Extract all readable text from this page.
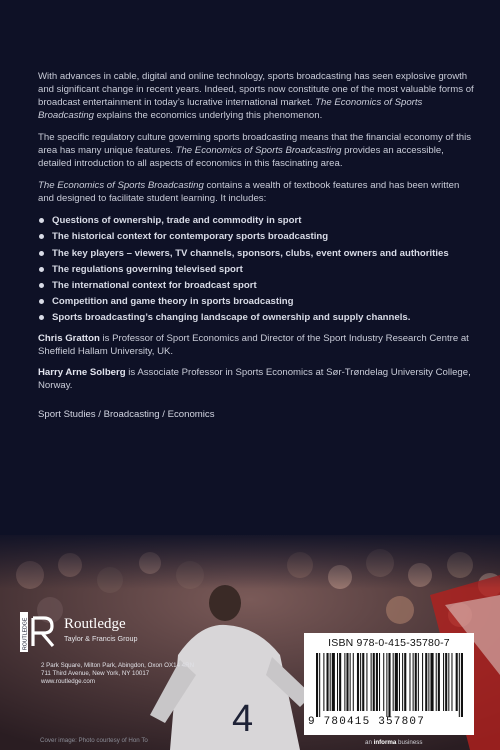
With advances in cable, digital and online technology, sports broadcasting has seen explosive growth and significant change in recent years. Indeed, sports now constitute one of the most valuable forms of broadcast entertainment in today’s lucrative international market. The Economics of Sports Broadcasting explains the economics underlying this phenomenon.

The specific regulatory culture governing sports broadcasting means that the financial economy of this area has many unique features. The Economics of Sports Broadcasting provides an accessible, detailed introduction to all aspects of economics in this fascinating area.

The Economics of Sports Broadcasting contains a wealth of textbook features and has been written and designed to facilitate student learning. It includes:

Questions of ownership, trade and commodity in sport
The historical context for contemporary sports broadcasting
The key players – viewers, TV channels, sponsors, clubs, event owners and authorities
The regulations governing televised sport
The international context for broadcast sport
Competition and game theory in sports broadcasting
Sports broadcasting’s changing landscape of ownership and supply channels.

Chris Gratton is Professor of Sport Economics and Director of the Sport Industry Research Centre at Sheffield Hallam University, UK.

Harry Arne Solberg is Associate Professor in Sports Economics at Sør-Trøndelag University College, Norway.

Sport Studies / Broadcasting / Economics

ROUTLEDGE Routledge
Taylor & Francis Group
2 Park Square, Milton Park, Abingdon, Oxon OX14 4RN
711 Third Avenue, New York, NY 10017
www.routledge.com
Cover image: Photo courtesy of Hon To
ISBN 978-0-415-35780-7
9 780415 357807
an informa business
